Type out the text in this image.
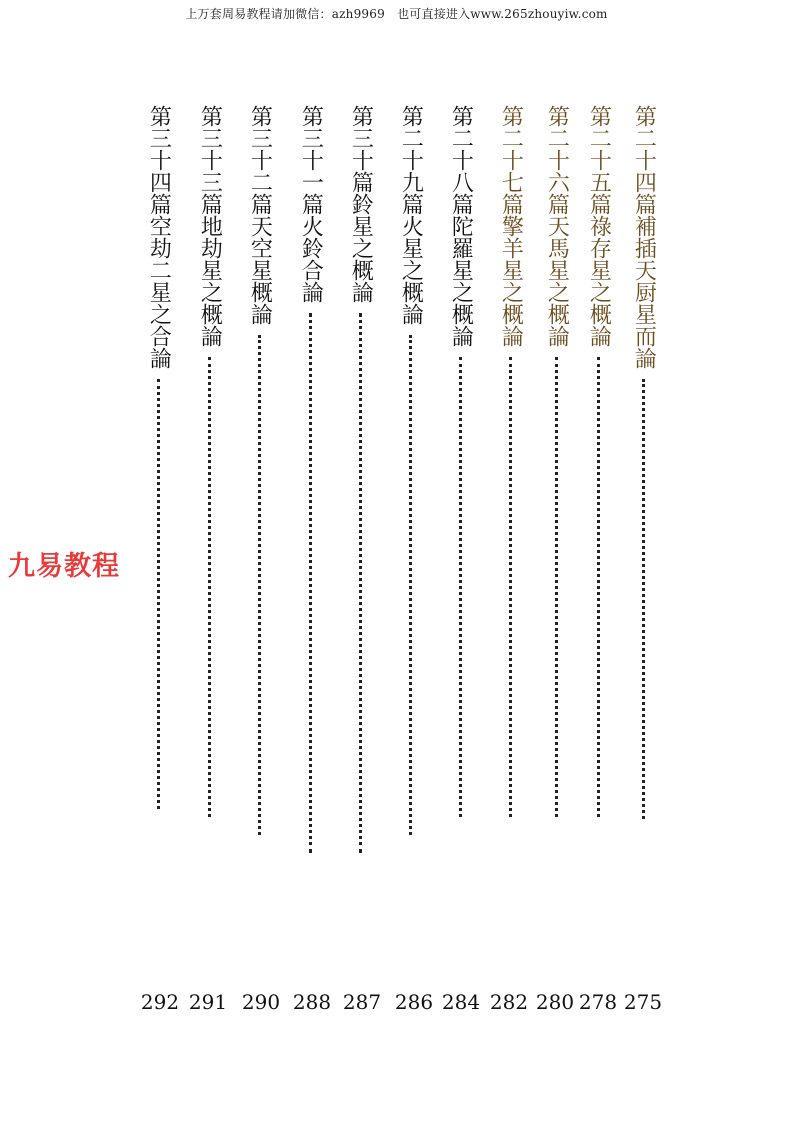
上万套周易教程请加微信：azh9969　也可直接进入www.265zhouyiw.com
九易教程
第二十四篇補插天厨星而論
第二十五篇祿存星之概論
第二十六篇天馬星之概論
第二十七篇擎羊星之概論
第二十八篇陀羅星之概論
第二十九篇火星之概論
第三十篇鈴星之概論
第三十一篇火鈴合論
第三十二篇天空星概論
第三十三篇地劫星之概論
第三十四篇空劫二星之合論
275
278
280
282
284
286
287
288
290
291
292
